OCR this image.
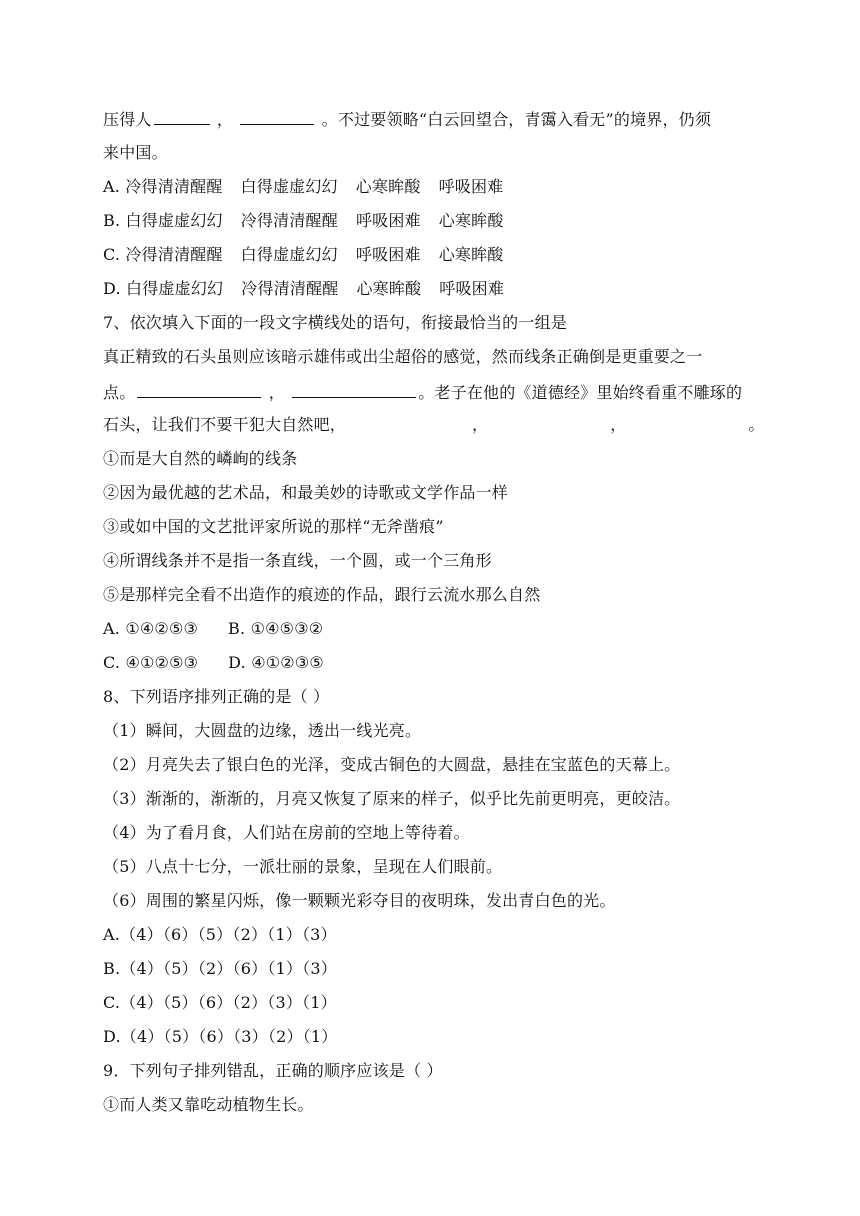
压得人	，	。不过要领略“白云回望合，青霭入看无”的境界，仍须
来中国。
A. 冷得清清醒醒 白得虚虚幻幻 心寒眸酸 呼吸困难
B. 白得虚虚幻幻 冷得清清醒醒 呼吸困难 心寒眸酸
C. 冷得清清醒醒 白得虚虚幻幻 呼吸困难 心寒眸酸
D. 白得虚虚幻幻 冷得清清醒醒 心寒眸酸 呼吸困难
7、依次填入下面的一段文字横线处的语句，衔接最恰当的一组是
真正精致的石头虽则应该暗示雄伟或出尘超俗的感觉，然而线条正确倒是更重要之一
点。	，	。老子在他的《道德经》里始终看重不雕琢的
石头，让我们不要干犯大自然吧，	，	，	。
①而是大自然的嶙峋的线条
②因为最优越的艺术品，和最美妙的诗歌或文学作品一样
③或如中国的文艺批评家所说的那样“无斧凿痕”
④所谓线条并不是指一条直线，一个圆，或一个三角形
⑤是那样完全看不出造作的痕迹的作品，跟行云流水那么自然
A. ①④②⑤③ B. ①④⑤③②
C. ④①②⑤③ D. ④①②③⑤
8、下列语序排列正确的是（ ）
（1）瞬间，大圆盘的边缘，透出一线光亮。
（2）月亮失去了银白色的光泽，变成古铜色的大圆盘，悬挂在宝蓝色的天幕上。
（3）渐渐的，渐渐的，月亮又恢复了原来的样子，似乎比先前更明亮，更皎洁。
（4）为了看月食，人们站在房前的空地上等待着。
（5）八点十七分，一派壮丽的景象，呈现在人们眼前。
（6）周围的繁星闪烁，像一颗颗光彩夺目的夜明珠，发出青白色的光。
A.（4）（6）（5）（2）（1）（3）
B.（4）（5）（2）（6）（1）（3）
C.（4）（5）（6）（2）（3）（1）
D.（4）（5）（6）（3）（2）（1）
9．下列句子排列错乱，正确的顺序应该是（ ）
①而人类又靠吃动植物生长。
